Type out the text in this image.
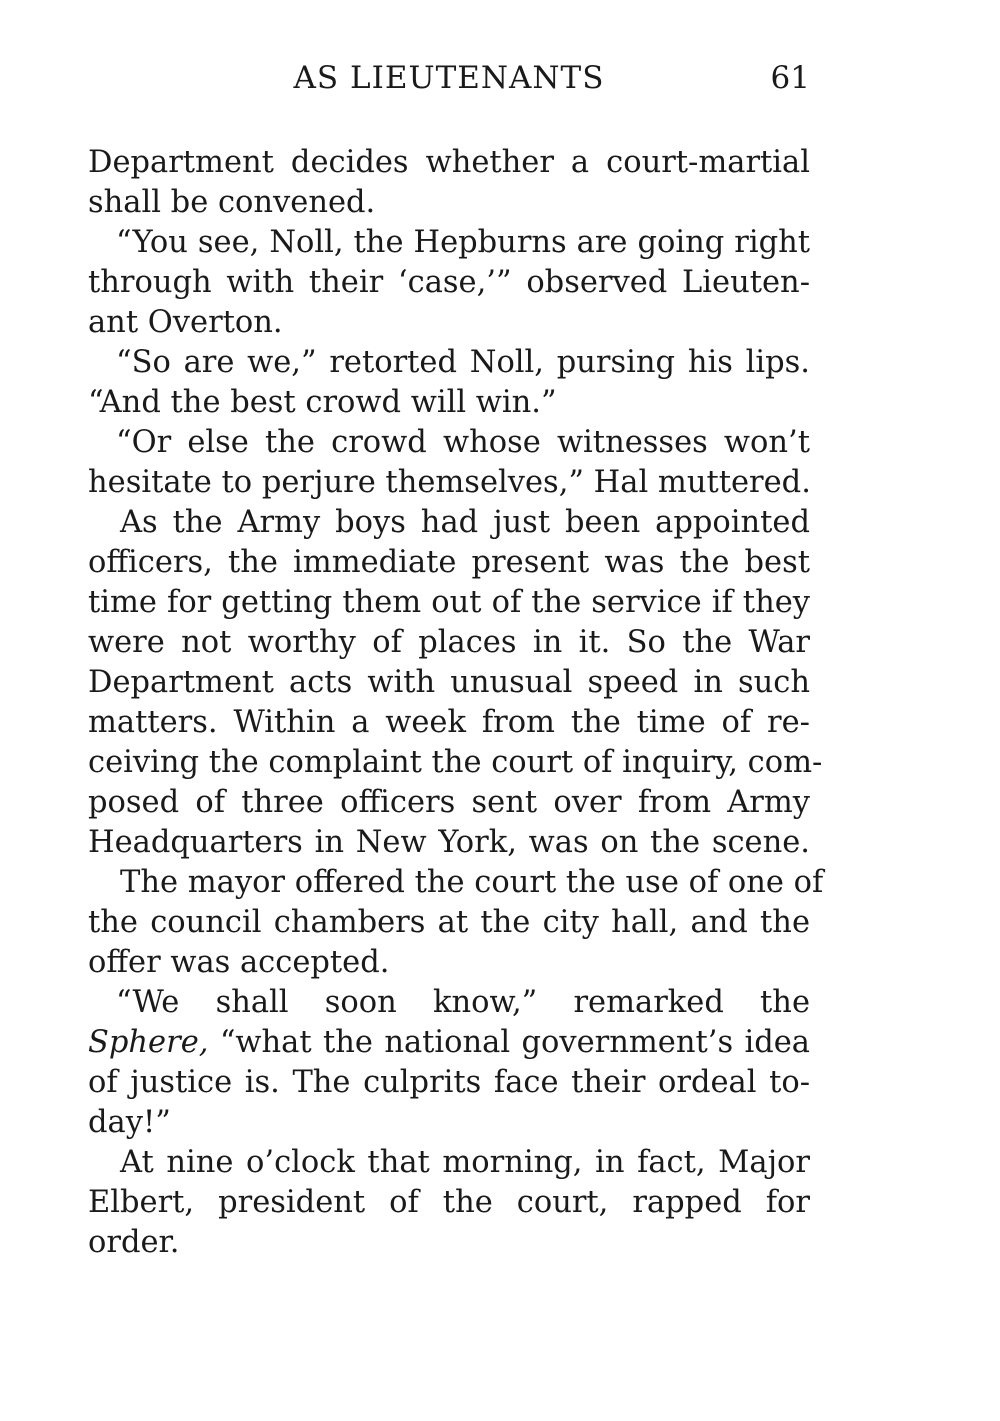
AS LIEUTENANTS	61
Department decides whether a court-martial
shall be convened.
“You see, Noll, the Hepburns are going right
through with their ‘case,’” observed Lieuten-
ant Overton.
“So are we,” retorted Noll, pursing his lips.
“And the best crowd will win.”
“Or else the crowd whose witnesses won’t
hesitate to perjure themselves,” Hal muttered.
As the Army boys had just been appointed
officers, the immediate present was the best
time for getting them out of the service if they
were not worthy of places in it. So the War
Department acts with unusual speed in such
matters. Within a week from the time of re-
ceiving the complaint the court of inquiry, com-
posed of three officers sent over from Army
Headquarters in New York, was on the scene.
The mayor offered the court the use of one of
the council chambers at the city hall, and the
offer was accepted.
“We shall soon know,” remarked the
Sphere, “what the national government’s idea
of justice is. The culprits face their ordeal to-
day!”
At nine o’clock that morning, in fact, Major
Elbert, president of the court, rapped for
order.
